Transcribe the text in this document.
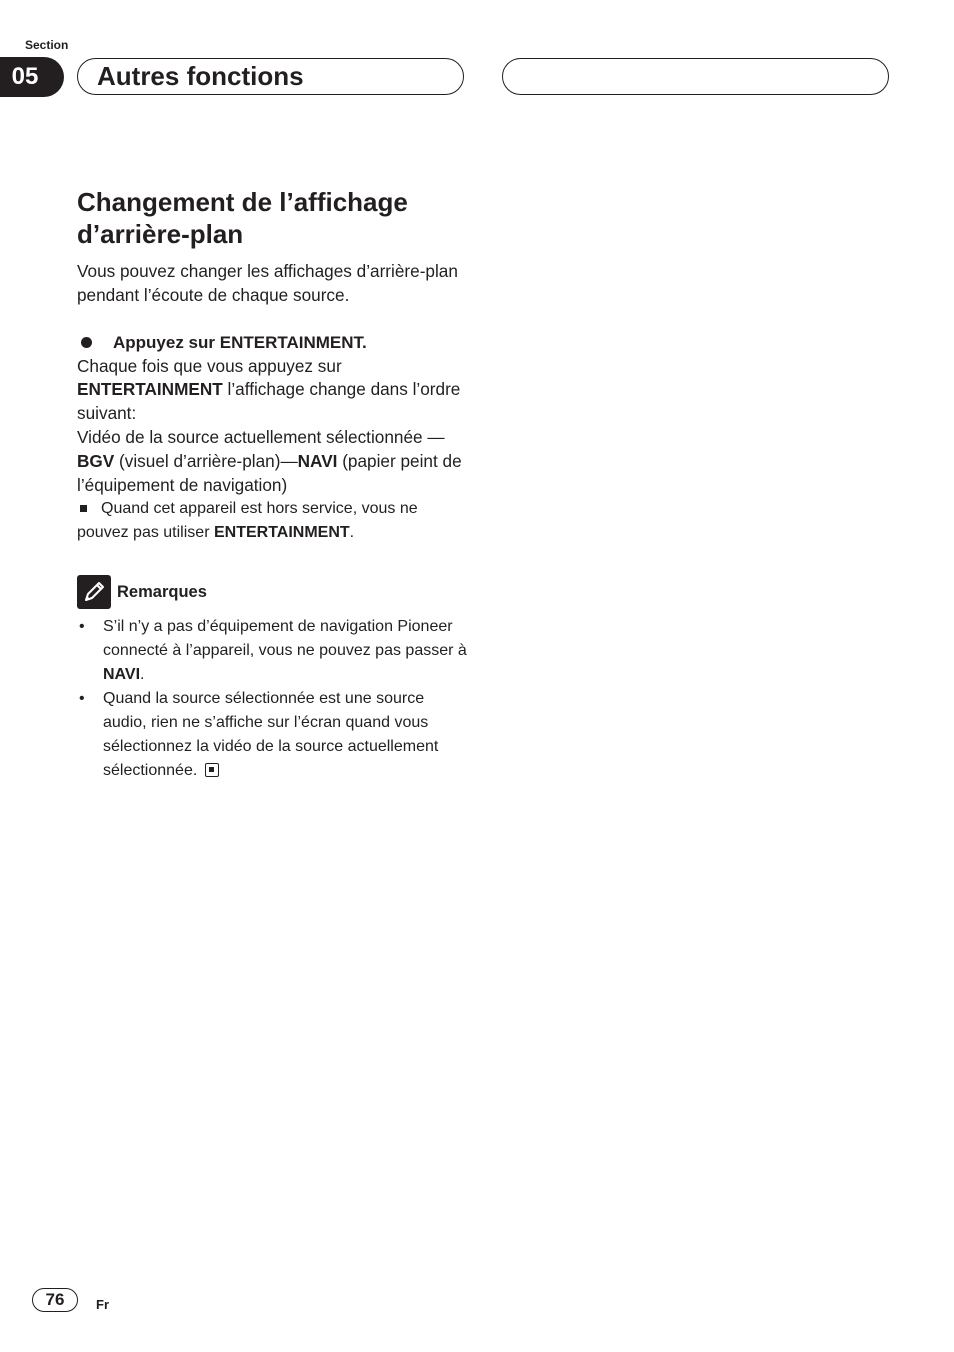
Section
05	Autres fonctions
Changement de l’affichage
d’arrière-plan
Vous pouvez changer les affichages d’arrière-plan pendant l’écoute de chaque source.
Appuyez sur ENTERTAINMENT.
Chaque fois que vous appuyez sur ENTERTAINMENT l’affichage change dans l’ordre suivant:
Vidéo de la source actuellement sélectionnée —BGV (visuel d’arrière-plan)—NAVI (papier peint de l’équipement de navigation)
Quand cet appareil est hors service, vous ne pouvez pas utiliser ENTERTAINMENT.
Remarques
• S’il n’y a pas d’équipement de navigation Pioneer connecté à l’appareil, vous ne pouvez pas passer à NAVI.
• Quand la source sélectionnée est une source audio, rien ne s’affiche sur l’écran quand vous sélectionnez la vidéo de la source actuellement sélectionnée.
76	Fr
